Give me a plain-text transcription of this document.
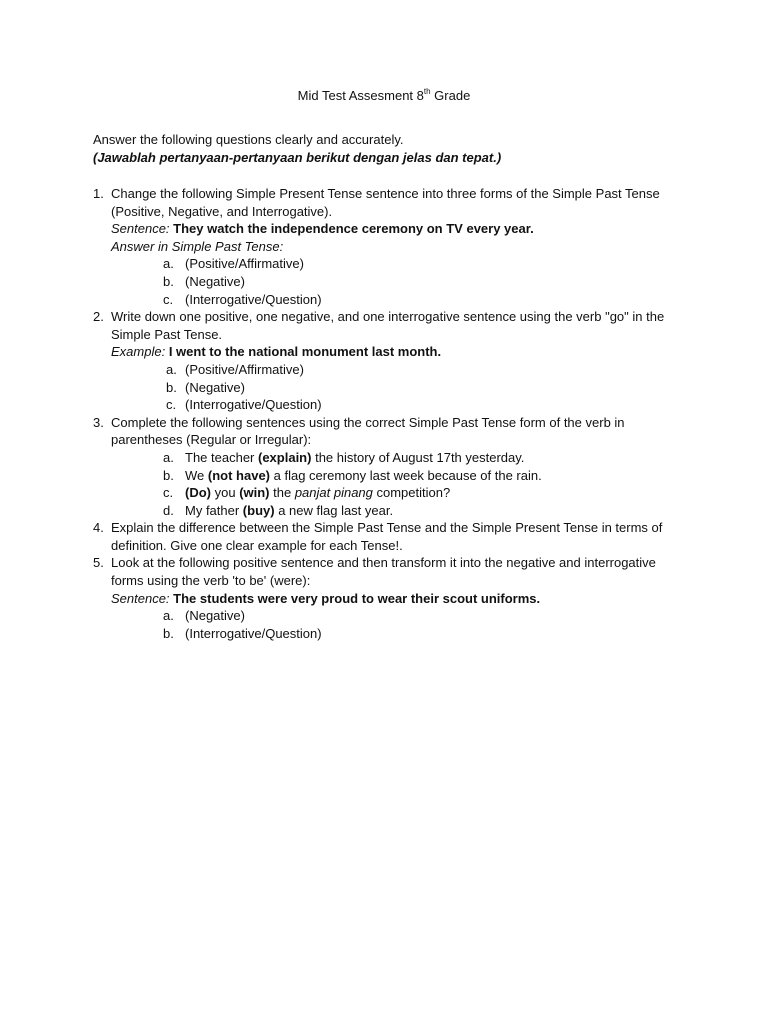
Mid Test Assesment 8th Grade
Answer the following questions clearly and accurately.
(Jawablah pertanyaan-pertanyaan berikut dengan jelas dan tepat.)
1. Change the following Simple Present Tense sentence into three forms of the Simple Past Tense
(Positive, Negative, and Interrogative).
Sentence: They watch the independence ceremony on TV every year.
Answer in Simple Past Tense:
a. (Positive/Affirmative)
b. (Negative)
c. (Interrogative/Question)
2. Write down one positive, one negative, and one interrogative sentence using the verb "go" in the
Simple Past Tense.
Example: I went to the national monument last month.
a. (Positive/Affirmative)
b. (Negative)
c. (Interrogative/Question)
3. Complete the following sentences using the correct Simple Past Tense form of the verb in
parentheses (Regular or Irregular):
a. The teacher (explain) the history of August 17th yesterday.
b. We (not have) a flag ceremony last week because of the rain.
c. (Do) you (win) the panjat pinang competition?
d. My father (buy) a new flag last year.
4. Explain the difference between the Simple Past Tense and the Simple Present Tense in terms of
definition. Give one clear example for each Tense!.
5. Look at the following positive sentence and then transform it into the negative and interrogative
forms using the verb 'to be' (were):
Sentence: The students were very proud to wear their scout uniforms.
a. (Negative)
b. (Interrogative/Question)
